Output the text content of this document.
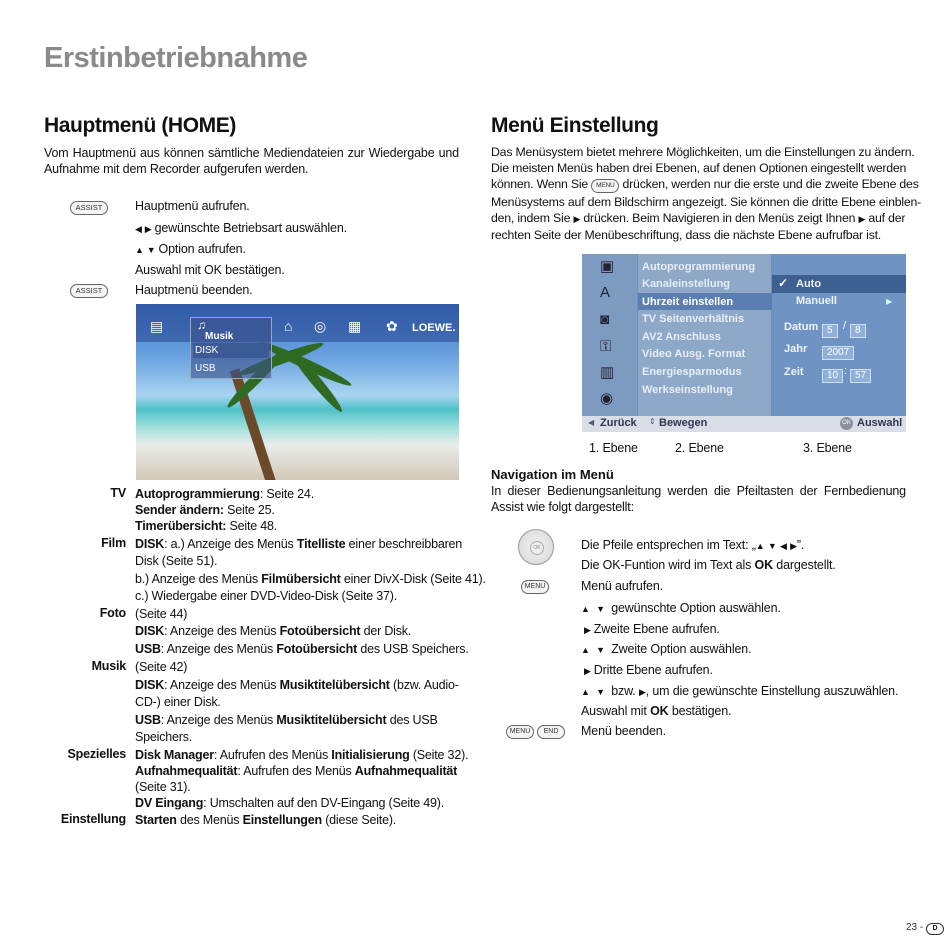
Erstinbetriebnahme
Hauptmenü (HOME)
Vom Hauptmenü aus können sämtliche Mediendateien zur Wiedergabe und Aufnahme mit dem Recorder aufgerufen werden.
ASSIST	Hauptmenü aufrufen.
◀ ▶ gewünschte Betriebsart auswählen.
▲ ▼ Option aufrufen.
Auswahl mit OK bestätigen.
ASSIST	Hauptmenü beenden.
▤	⌂ ◎ ▦ ✿ LOEWE.
♫
Musik
DISK
USB
TV Autoprogrammierung: Seite 24.
Sender ändern: Seite 25.
Timerübersicht: Seite 48.
Film DISK: a.) Anzeige des Menüs Titelliste einer beschreibbaren
Disk (Seite 51).
b.) Anzeige des Menüs Filmübersicht einer DivX-Disk (Seite 41).
c.) Wiedergabe einer DVD-Video-Disk (Seite 37).
Foto (Seite 44)
DISK: Anzeige des Menüs Fotoübersicht der Disk.
USB: Anzeige des Menüs Fotoübersicht des USB Speichers.
Musik (Seite 42)
DISK: Anzeige des Menüs Musiktitelübersicht (bzw. Audio-
CD-) einer Disk.
USB: Anzeige des Menüs Musiktitelübersicht des USB
Speichers.
Spezielles Disk Manager: Aufrufen des Menüs Initialisierung (Seite 32).
Aufnahmequalität: Aufrufen des Menüs Aufnahmequalität
(Seite 31).
DV Eingang: Umschalten auf den DV-Eingang (Seite 49).
Einstellung Starten des Menüs Einstellungen (diese Seite).
Menü Einstellung
Das Menüsystem bietet mehrere Möglichkeiten, um die Einstellungen zu ändern.
Die meisten Menüs haben drei Ebenen, auf denen Optionen eingestellt werden
können. Wenn Sie MENU drücken, werden nur die erste und die zweite Ebene des
Menüsystems auf dem Bildschirm angezeigt. Sie können die dritte Ebene einblen-
den, indem Sie ▶ drücken. Beim Navigieren in den Menüs zeigt Ihnen ▶ auf der
rechten Seite der Menübeschriftung, dass die nächste Ebene aufrufbar ist.
▣
A
◙
⚿
▥
◉
Autoprogrammierung
Kanaleinstellung
Uhrzeit einstellen
TV Seitenverhältnis
AV2 Anschluss
Video Ausg. Format
Energiesparmodus
Werkseinstellung
✓ Auto
Manuell	▶
Datum 5 / 8
Jahr	2007
Zeit	10 : 57
◀ Zurück ⇕ Bewegen	OK Auswahl
1. Ebene	2. Ebene	3. Ebene
Navigation im Menü
In dieser Bedienungsanleitung werden die Pfeiltasten der Fernbedienung Assist wie folgt dargestellt:
OK	Die Pfeile entsprechen im Text: „▲ ▼ ◀ ▶”.
Die OK-Funtion wird im Text als OK dargestellt.
MENU	Menü aufrufen.
▲ ▼ gewünschte Option auswählen.
▶ Zweite Ebene aufrufen.
▲ ▼ Zweite Option auswählen.
▶ Dritte Ebene aufrufen.
▲ ▼ bzw. ▶, um die gewünschte Einstellung auszuwählen.
Auswahl mit OK bestätigen.
MENU	END	Menü beenden.
23 -	D
